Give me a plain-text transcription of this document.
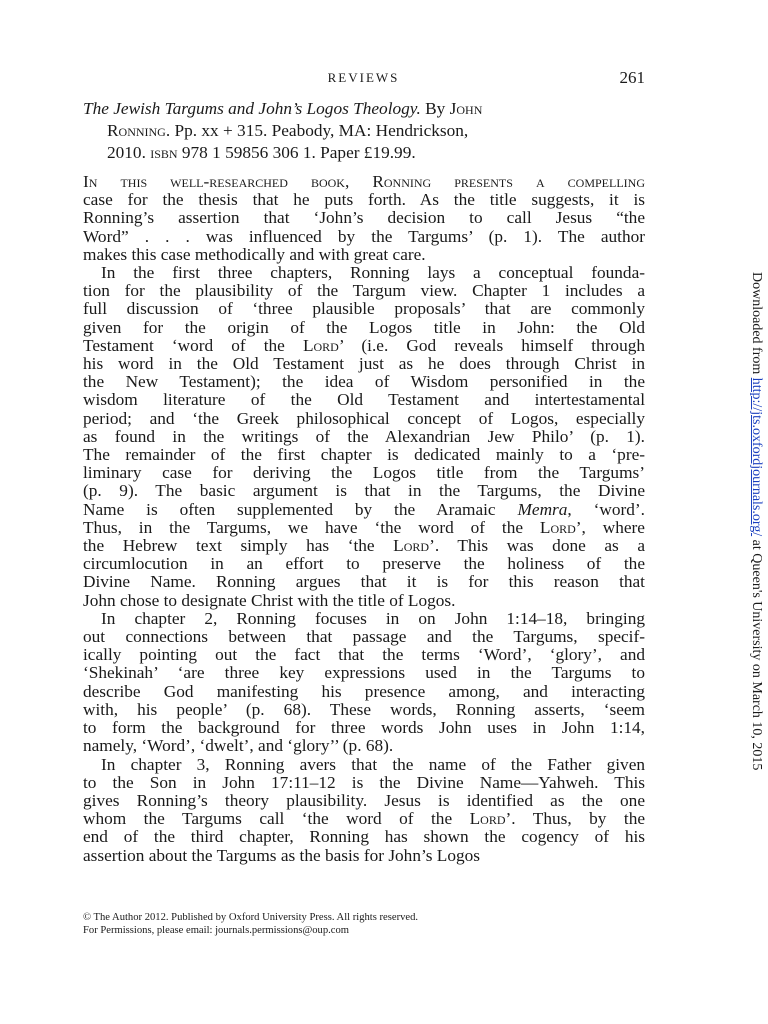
REVIEWS	261
The Jewish Targums and John’s Logos Theology. By John
Ronning. Pp. xx + 315. Peabody, MA: Hendrickson,
2010. isbn 978 1 59856 306 1. Paper £19.99.
In this well-researched book, Ronning presents a compelling
case for the thesis that he puts forth. As the title suggests, it is
Ronning’s assertion that ‘John’s decision to call Jesus “the
Word” . . . was influenced by the Targums’ (p. 1). The author
makes this case methodically and with great care.
In the first three chapters, Ronning lays a conceptual founda-
tion for the plausibility of the Targum view. Chapter 1 includes a
full discussion of ‘three plausible proposals’ that are commonly
given for the origin of the Logos title in John: the Old
Testament ‘word of the Lord’ (i.e. God reveals himself through
his word in the Old Testament just as he does through Christ in
the New Testament); the idea of Wisdom personified in the
wisdom literature of the Old Testament and intertestamental
period; and ‘the Greek philosophical concept of Logos, especially
as found in the writings of the Alexandrian Jew Philo’ (p. 1).
The remainder of the first chapter is dedicated mainly to a ‘pre-
liminary case for deriving the Logos title from the Targums’
(p. 9). The basic argument is that in the Targums, the Divine
Name is often supplemented by the Aramaic Memra, ‘word’.
Thus, in the Targums, we have ‘the word of the Lord’, where
the Hebrew text simply has ‘the Lord’. This was done as a
circumlocution in an effort to preserve the holiness of the
Divine Name. Ronning argues that it is for this reason that
John chose to designate Christ with the title of Logos.
In chapter 2, Ronning focuses in on John 1:14–18, bringing
out connections between that passage and the Targums, specif-
ically pointing out the fact that the terms ‘Word’, ‘glory’, and
‘Shekinah’ ‘are three key expressions used in the Targums to
describe God manifesting his presence among, and interacting
with, his people’ (p. 68). These words, Ronning asserts, ‘seem
to form the background for three words John uses in John 1:14,
namely, ‘Word’, ‘dwelt’, and ‘glory’’ (p. 68).
In chapter 3, Ronning avers that the name of the Father given
to the Son in John 17:11–12 is the Divine Name—Yahweh. This
gives Ronning’s theory plausibility. Jesus is identified as the one
whom the Targums call ‘the word of the Lord’. Thus, by the
end of the third chapter, Ronning has shown the cogency of his
assertion about the Targums as the basis for John’s Logos
© The Author 2012. Published by Oxford University Press. All rights reserved.
For Permissions, please email: journals.permissions@oup.com
Downloaded from http://jts.oxfordjournals.org/ at Queen's University on March 10, 2015
